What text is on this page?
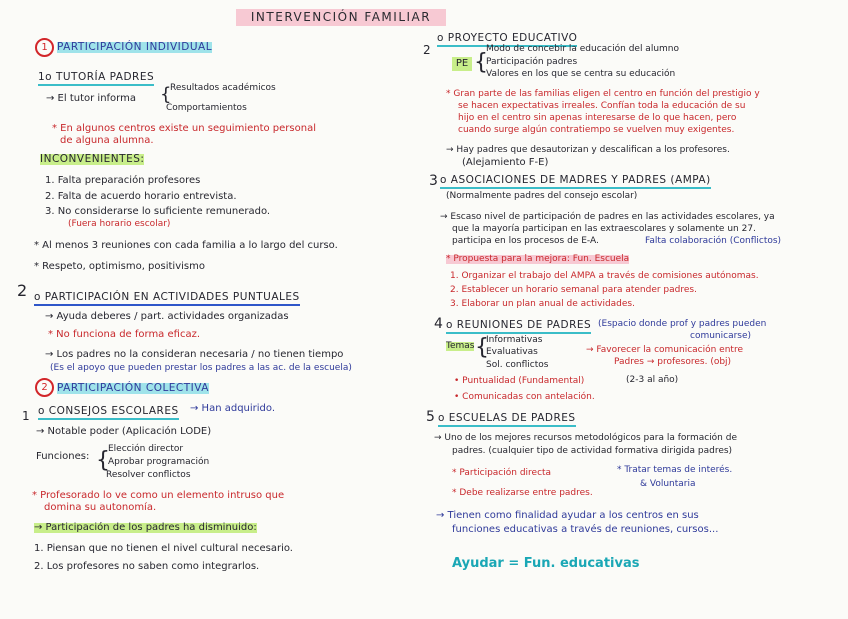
INTERVENCIÓN FAMILIAR
1 PARTICIPACIÓN INDIVIDUAL
1o TUTORÍA PADRES
→ El tutor informa {
Resultados académicos
Comportamientos
* En algunos centros existe un seguimiento personal
de alguna alumna.
INCONVENIENTES:
1. Falta preparación profesores
2. Falta de acuerdo horario entrevista.
3. No considerarse lo suficiente remunerado.
(Fuera horario escolar)
* Al menos 3 reuniones con cada familia a lo largo del curso.
* Respeto, optimismo, positivismo
2 o PARTICIPACIÓN EN ACTIVIDADES PUNTUALES
→ Ayuda deberes / part. actividades organizadas
* No funciona de forma eficaz.
→ Los padres no la consideran necesaria / no tienen tiempo
(Es el apoyo que pueden prestar los padres a las ac. de la escuela)
2 PARTICIPACIÓN COLECTIVA
1 o CONSEJOS ESCOLARES → Han adquirido.
→ Notable poder (Aplicación LODE)
Funciones: {
Elección director
Aprobar programación
Resolver conflictos
* Profesorado lo ve como un elemento intruso que
domina su autonomía.
→ Participación de los padres ha disminuido:
1. Piensan que no tienen el nivel cultural necesario.
2. Los profesores no saben como integrarlos.
2
o PROYECTO EDUCATIVO
PE {
Modo de concebir la educación del alumno
Participación padres
Valores en los que se centra su educación
* Gran parte de las familias eligen el centro en función del prestigio y
se hacen expectativas irreales. Confían toda la educación de su
hijo en el centro sin apenas interesarse de lo que hacen, pero
cuando surge algún contratiempo se vuelven muy exigentes.
→ Hay padres que desautorizan y descalifican a los profesores.
(Alejamiento F-E)
3 o ASOCIACIONES DE MADRES Y PADRES (AMPA)
(Normalmente padres del consejo escolar)
→ Escaso nivel de participación de padres en las actividades escolares, ya
que la mayoría participan en las extraescolares y solamente un 27.
participa en los procesos de E-A.	Falta colaboración (Conflictos)
* Propuesta para la mejora: Fun. Escuela
1. Organizar el trabajo del AMPA a través de comisiones autónomas.
2. Establecer un horario semanal para atender padres.
3. Elaborar un plan anual de actividades.
4 o REUNIONES DE PADRES (Espacio donde prof y padres pueden
comunicarse)
Temas {
Informativas
Evaluativas
Sol. conflictos
→ Favorecer la comunicación entre
Padres → profesores. (obj)
• Puntualidad (Fundamental)	(2-3 al año)
• Comunicadas con antelación.
5 o ESCUELAS DE PADRES
→ Uno de los mejores recursos metodológicos para la formación de
padres. (cualquier tipo de actividad formativa dirigida padres)
* Participación directa	* Tratar temas de interés.
& Voluntaria
* Debe realizarse entre padres.
→ Tienen como finalidad ayudar a los centros en sus
funciones educativas a través de reuniones, cursos...
Ayudar = Fun. educativas
